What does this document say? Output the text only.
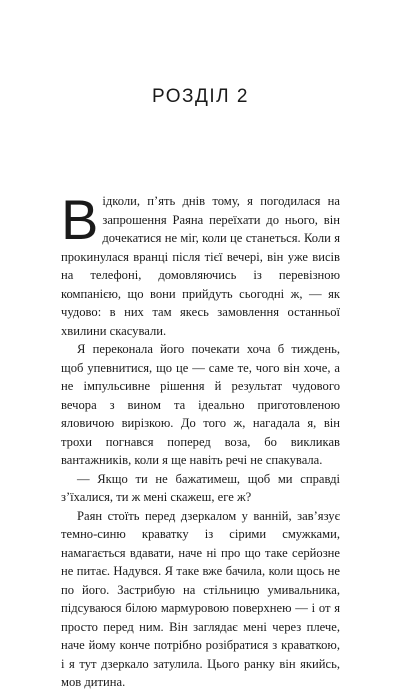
РОЗДІЛ 2

Відколи, п’ять днів тому, я погодилася на запрошення Раяна переїхати до нього, він дочекатися не міг, коли це станеться. Коли я прокинулася вранці після тієї вечері, він уже висів на телефоні, домовляючись із перевізною компанією, що вони прийдуть сьогодні ж, — як чудово: в них там якесь замовлення останньої хвилини скасували.

Я переконала його почекати хоча б тиждень, щоб упевнитися, що це — саме те, чого він хоче, а не імпульсивне рішення й результат чудового вечора з вином та ідеально приготовленою яловичою вирізкою. До того ж, нагадала я, він трохи погнався поперед воза, бо викликав вантажників, коли я ще навіть речі не спакувала.

— Якщо ти не бажатимеш, щоб ми справді з’їхалися, ти ж мені скажеш, еге ж?

Раян стоїть перед дзеркалом у ванній, зав’язує темно-синю краватку із сірими смужками, намагається вдавати, наче ні про що таке серйозне не питає. Надувся. Я таке вже бачила, коли щось не по його. Застрибую на стільницю умивальника, підсуваюся білою мармуровою поверхнею — і от я просто перед ним. Він заглядає мені через плече, наче йому конче потрібно розібратися з краваткою, і я тут дзеркало затулила. Цього ранку він якийсь, мов дитина.
